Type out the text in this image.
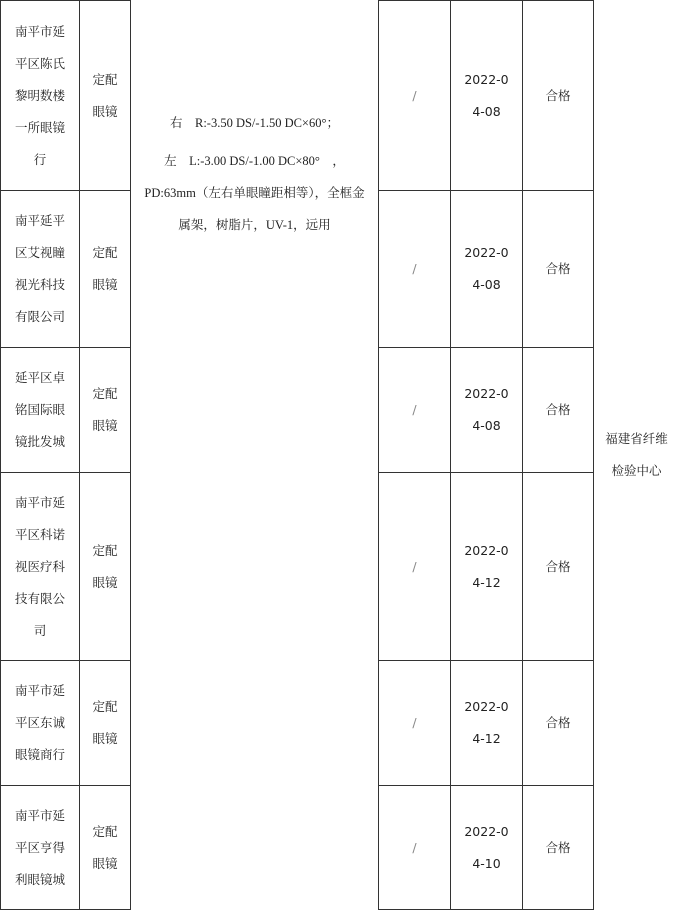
南平市延平区陈氏黎明数楼一所眼镜行	定配眼镜	右　R:-3.50 DS/-1.50 DC×60°；
左　L:-3.00 DS/-1.00 DC×80°　，PD:63mm（左右单眼瞳距相等），全框金属架，树脂片，UV-1，远用	/	2022-04-08	合格	福建省纤维检验中心

南平延平区艾视瞳视光科技有限公司	定配眼镜		/	2022-04-08	合格	

延平区卓铭国际眼镜批发城	定配眼镜		/	2022-04-08	合格	

南平市延平区科诺视医疗科技有限公司	定配眼镜		/	2022-04-12	合格	

南平市延平区东诚眼镜商行	定配眼镜		/	2022-04-12	合格	

南平市延平区亨得利眼镜城	定配眼镜		/	2022-04-10	合格	
